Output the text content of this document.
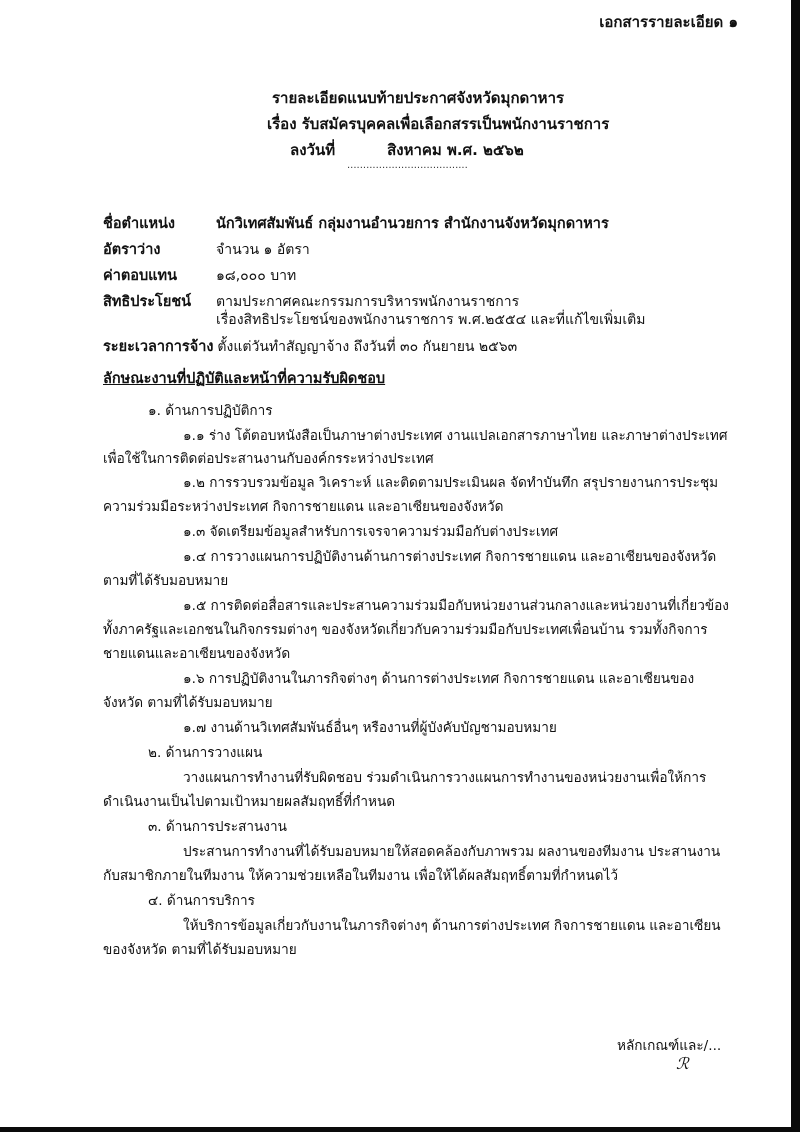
เอกสารรายละเอียด ๑
รายละเอียดแนบท้ายประกาศจังหวัดมุกดาหาร
เรื่อง รับสมัครบุคคลเพื่อเลือกสรรเป็นพนักงานราชการ
ลงวันที่	สิงหาคม พ.ศ. ๒๕๖๒
......................................
ชื่อตำแหน่ง	นักวิเทศสัมพันธ์ กลุ่มงานอำนวยการ สำนักงานจังหวัดมุกดาหาร
อัตราว่าง	จำนวน ๑ อัตรา
ค่าตอบแทน	๑๘,๐๐๐ บาท
สิทธิประโยชน์ ตามประกาศคณะกรรมการบริหารพนักงานราชการ
เรื่องสิทธิประโยชน์ของพนักงานราชการ พ.ศ.๒๕๕๔ และที่แก้ไขเพิ่มเติม
ระยะเวลาการจ้าง ตั้งแต่วันทำสัญญาจ้าง ถึงวันที่ ๓๐ กันยายน ๒๕๖๓
ลักษณะงานที่ปฏิบัติและหน้าที่ความรับผิดชอบ
๑. ด้านการปฏิบัติการ
๑.๑ ร่าง โต้ตอบหนังสือเป็นภาษาต่างประเทศ งานแปลเอกสารภาษาไทย และภาษาต่างประเทศ
เพื่อใช้ในการติดต่อประสานงานกับองค์กรระหว่างประเทศ
๑.๒ การรวบรวมข้อมูล วิเคราะห์ และติดตามประเมินผล จัดทำบันทึก สรุปรายงานการประชุม
ความร่วมมือระหว่างประเทศ กิจการชายแดน และอาเซียนของจังหวัด
๑.๓ จัดเตรียมข้อมูลสำหรับการเจรจาความร่วมมือกับต่างประเทศ
๑.๔ การวางแผนการปฏิบัติงานด้านการต่างประเทศ กิจการชายแดน และอาเซียนของจังหวัด
ตามที่ได้รับมอบหมาย
๑.๕ การติดต่อสื่อสารและประสานความร่วมมือกับหน่วยงานส่วนกลางและหน่วยงานที่เกี่ยวข้อง
ทั้งภาครัฐและเอกชนในกิจกรรมต่างๆ ของจังหวัดเกี่ยวกับความร่วมมือกับประเทศเพื่อนบ้าน รวมทั้งกิจการ
ชายแดนและอาเซียนของจังหวัด
๑.๖ การปฏิบัติงานในภารกิจต่างๆ ด้านการต่างประเทศ กิจการชายแดน และอาเซียนของ
จังหวัด ตามที่ได้รับมอบหมาย
๑.๗ งานด้านวิเทศสัมพันธ์อื่นๆ หรืองานที่ผู้บังคับบัญชามอบหมาย
๒. ด้านการวางแผน
วางแผนการทำงานที่รับผิดชอบ ร่วมดำเนินการวางแผนการทำงานของหน่วยงานเพื่อให้การ
ดำเนินงานเป็นไปตามเป้าหมายผลสัมฤทธิ์ที่กำหนด
๓. ด้านการประสานงาน
ประสานการทำงานที่ได้รับมอบหมายให้สอดคล้องกับภาพรวม ผลงานของทีมงาน ประสานงาน
กับสมาชิกภายในทีมงาน ให้ความช่วยเหลือในทีมงาน เพื่อให้ได้ผลสัมฤทธิ์ตามที่กำหนดไว้
๔. ด้านการบริการ
ให้บริการข้อมูลเกี่ยวกับงานในภารกิจต่างๆ ด้านการต่างประเทศ กิจการชายแดน และอาเซียน
ของจังหวัด ตามที่ได้รับมอบหมาย
หลักเกณฑ์และ/...
ℛ
